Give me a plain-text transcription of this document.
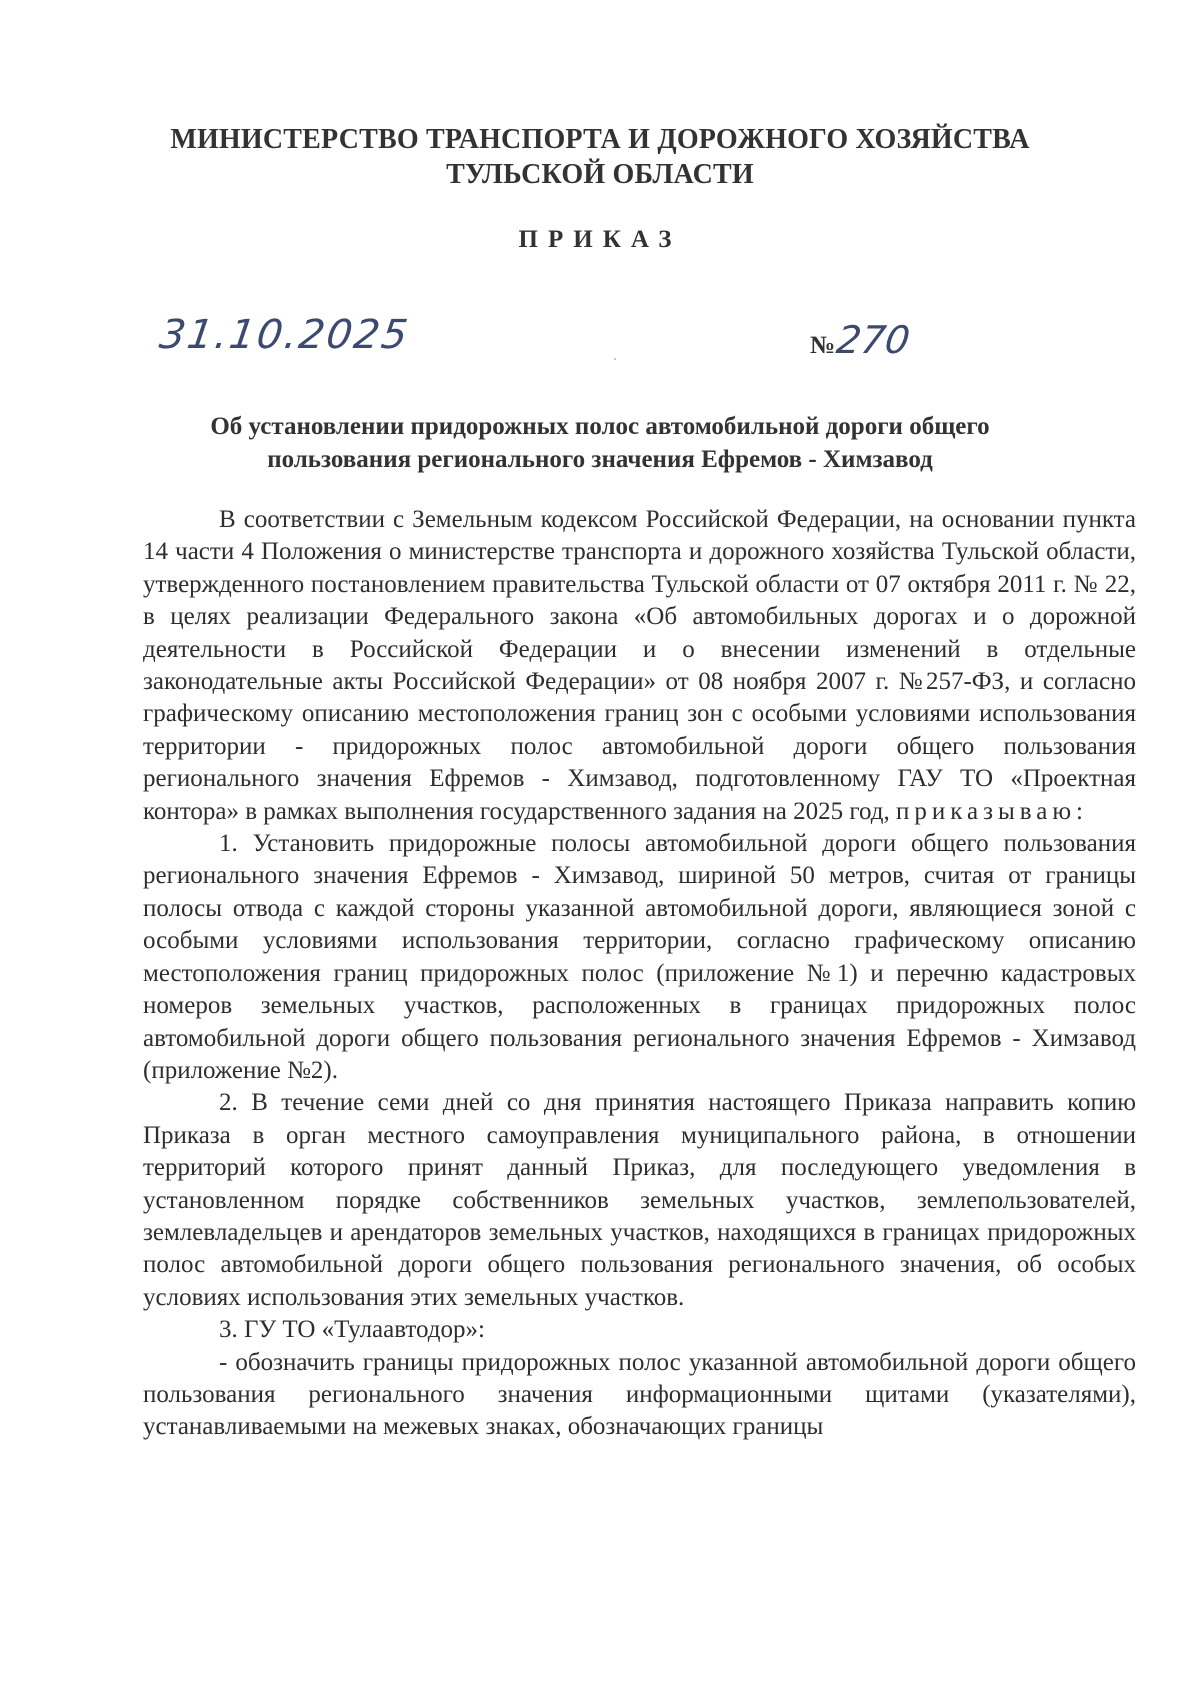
МИНИСТЕРСТВО ТРАНСПОРТА И ДОРОЖНОГО ХОЗЯЙСТВА
ТУЛЬСКОЙ ОБЛАСТИ
ПРИКАЗ
31.10.2025	№270
Об установлении придорожных полос автомобильной дороги общего
пользования регионального значения Ефремов - Химзавод

В соответствии с Земельным кодексом Российской Федерации, на основании пункта 14 части 4 Положения о министерстве транспорта и дорожного хозяйства Тульской области, утвержденного постановлением правительства Тульской области от 07 октября 2011 г. № 22, в целях реализации Федерального закона «Об автомобильных дорогах и о дорожной деятельности в Российской Федерации и о внесении изменений в отдельные законодательные акты Российской Федерации» от 08 ноября 2007 г. №257-ФЗ, и согласно графическому описанию местоположения границ зон с особыми условиями использования территории - придорожных полос автомобильной дороги общего пользования регионального значения Ефремов - Химзавод, подготовленному ГАУ ТО «Проектная контора» в рамках выполнения государственного задания на 2025 год, приказываю:

1. Установить придорожные полосы автомобильной дороги общего пользования регионального значения Ефремов - Химзавод, шириной 50 метров, считая от границы полосы отвода с каждой стороны указанной автомобильной дороги, являющиеся зоной с особыми условиями использования территории, согласно графическому описанию местоположения границ придорожных полос (приложение №1) и перечню кадастровых номеров земельных участков, расположенных в границах придорожных полос автомобильной дороги общего пользования регионального значения Ефремов - Химзавод (приложение №2).

2. В течение семи дней со дня принятия настоящего Приказа направить копию Приказа в орган местного самоуправления муниципального района, в отношении территорий которого принят данный Приказ, для последующего уведомления в установленном порядке собственников земельных участков, землепользователей, землевладельцев и арендаторов земельных участков, находящихся в границах придорожных полос автомобильной дороги общего пользования регионального значения, об особых условиях использования этих земельных участков.

3. ГУ ТО «Тулаавтодор»:

- обозначить границы придорожных полос указанной автомобильной дороги общего пользования регионального значения информационными щитами (указателями), устанавливаемыми на межевых знаках, обозначающих границы
